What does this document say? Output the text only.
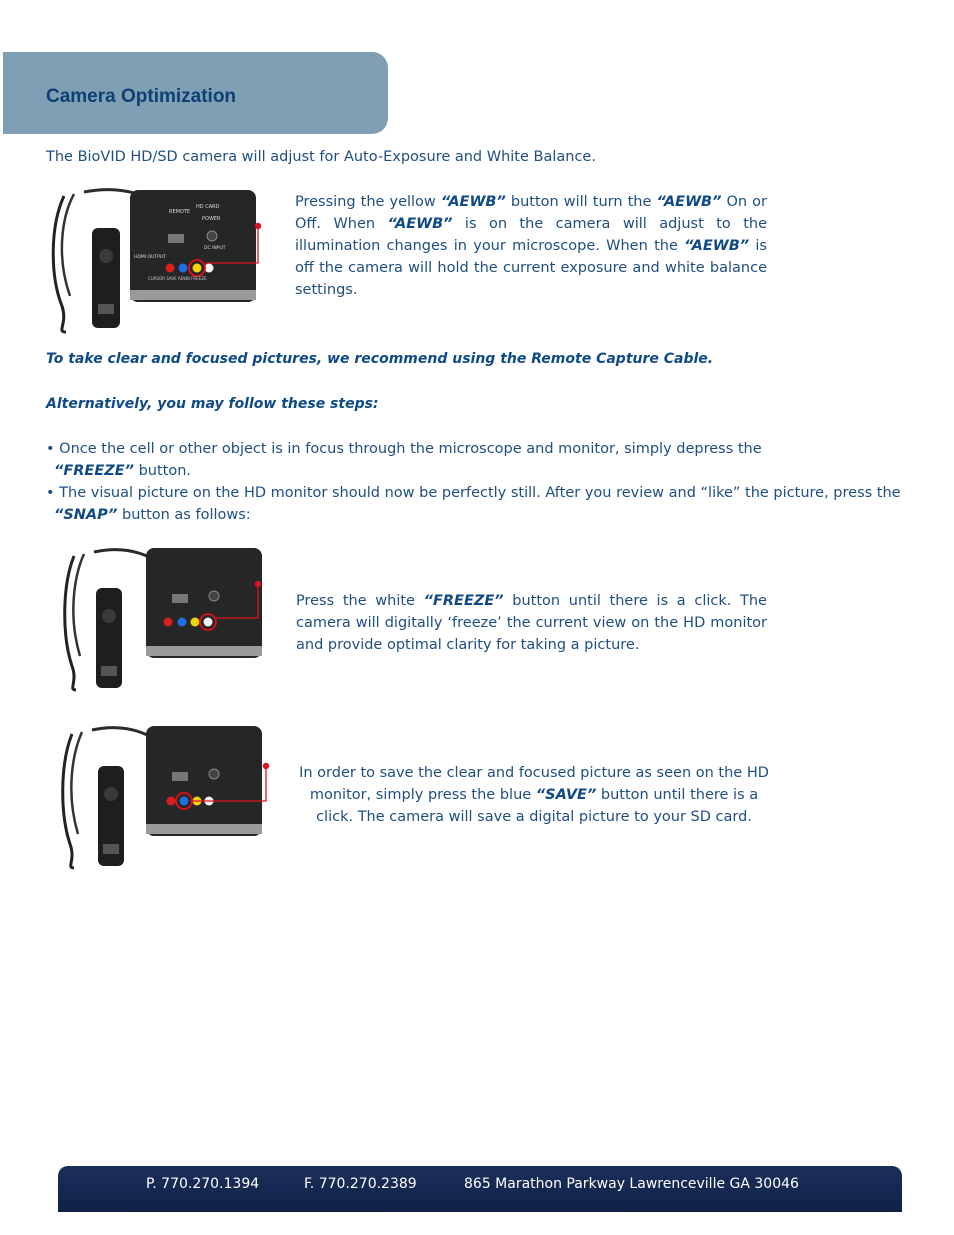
Camera Optimization
The BioVID HD/SD camera will adjust for Auto-Exposure and White Balance.
HD CARD
REMOTE
POWER
DC INPUT
HDMI OUTPUT
CURSOR SAVE AEWB FREEZE
Pressing the yellow “AEWB” button will turn the “AEWB” On or Off. When “AEWB” is on the camera will adjust to the illumination changes in your microscope. When the “AEWB” is off the camera will hold the current exposure and white balance settings.
To take clear and focused pictures, we recommend using the Remote Capture Cable.
Alternatively, you may follow these steps:

• Once the cell or other object is in focus through the microscope and monitor, simply depress the
“FREEZE” button.

• The visual picture on the HD monitor should now be perfectly still. After you review and “like” the picture, press the
“SNAP” button as follows:

Press the white “FREEZE” button until there is a click. The camera will digitally ‘freeze’ the current view on the HD monitor and provide optimal clarity for taking a picture.
In order to save the clear and focused picture as seen on the HD monitor, simply press the blue “SAVE” button until there is a click. The camera will save a digital picture to your SD card.
P. 770.270.1394	F. 770.270.2389	865 Marathon Parkway Lawrenceville GA 30046
